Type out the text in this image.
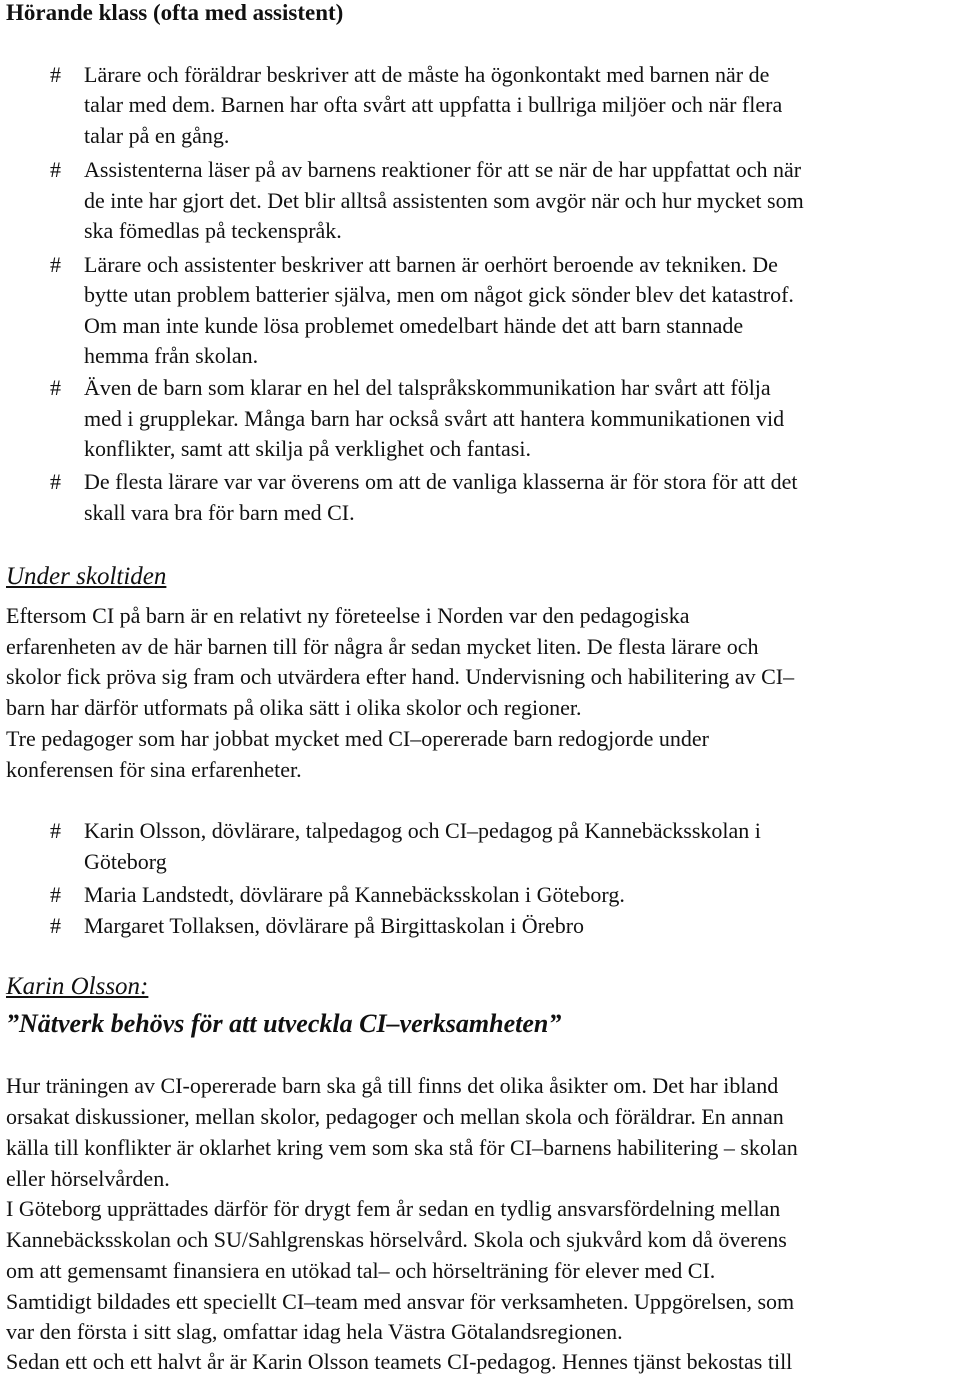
Hörande klass (ofta med assistent)
#	Lärare och föräldrar beskriver att de måste ha ögonkontakt med barnen när de
talar med dem. Barnen har ofta svårt att uppfatta i bullriga miljöer och när flera
talar på en gång.
#	Assistenterna läser på av barnens reaktioner för att se när de har uppfattat och när
de inte har gjort det. Det blir alltså assistenten som avgör när och hur mycket som
ska fömedlas på teckenspråk.
#	Lärare och assistenter beskriver att barnen är oerhört beroende av tekniken. De
bytte utan problem batterier själva, men om något gick sönder blev det katastrof.
Om man inte kunde lösa problemet omedelbart hände det att barn stannade
hemma från skolan.
#	Även de barn som klarar en hel del talspråkskommunikation har svårt att följa
med i grupplekar. Många barn har också svårt att hantera kommunikationen vid
konflikter, samt att skilja på verklighet och fantasi.
#	De flesta lärare var var överens om att de vanliga klasserna är för stora för att det
skall vara bra för barn med CI.
Under skoltiden
Eftersom CI på barn är en relativt ny företeelse i Norden var den pedagogiska
erfarenheten av de här barnen till för några år sedan mycket liten. De flesta lärare och
skolor fick pröva sig fram och utvärdera efter hand. Undervisning och habilitering av CI–
barn har därför utformats på olika sätt i olika skolor och regioner.
Tre pedagoger som har jobbat mycket med CI–opererade barn redogjorde under
konferensen för sina erfarenheter.
#	Karin Olsson, dövlärare, talpedagog och CI–pedagog på Kannebäcksskolan i
Göteborg
#	Maria Landstedt, dövlärare på Kannebäcksskolan i Göteborg.
#	Margaret Tollaksen, dövlärare på Birgittaskolan i Örebro
Karin Olsson:
”Nätverk behövs för att utveckla CI–verksamheten”
Hur träningen av CI-opererade barn ska gå till finns det olika åsikter om. Det har ibland
orsakat diskussioner, mellan skolor, pedagoger och mellan skola och föräldrar. En annan
källa till konflikter är oklarhet kring vem som ska stå för CI–barnens habilitering – skolan
eller hörselvården.
I Göteborg upprättades därför för drygt fem år sedan en tydlig ansvarsfördelning mellan
Kannebäcksskolan och SU/Sahlgrenskas hörselvård. Skola och sjukvård kom då överens
om att gemensamt finansiera en utökad tal– och hörselträning för elever med CI.
Samtidigt bildades ett speciellt CI–team med ansvar för verksamheten. Uppgörelsen, som
var den första i sitt slag, omfattar idag hela Västra Götalandsregionen.
Sedan ett och ett halvt år är Karin Olsson teamets CI-pedagog. Hennes tjänst bekostas till
